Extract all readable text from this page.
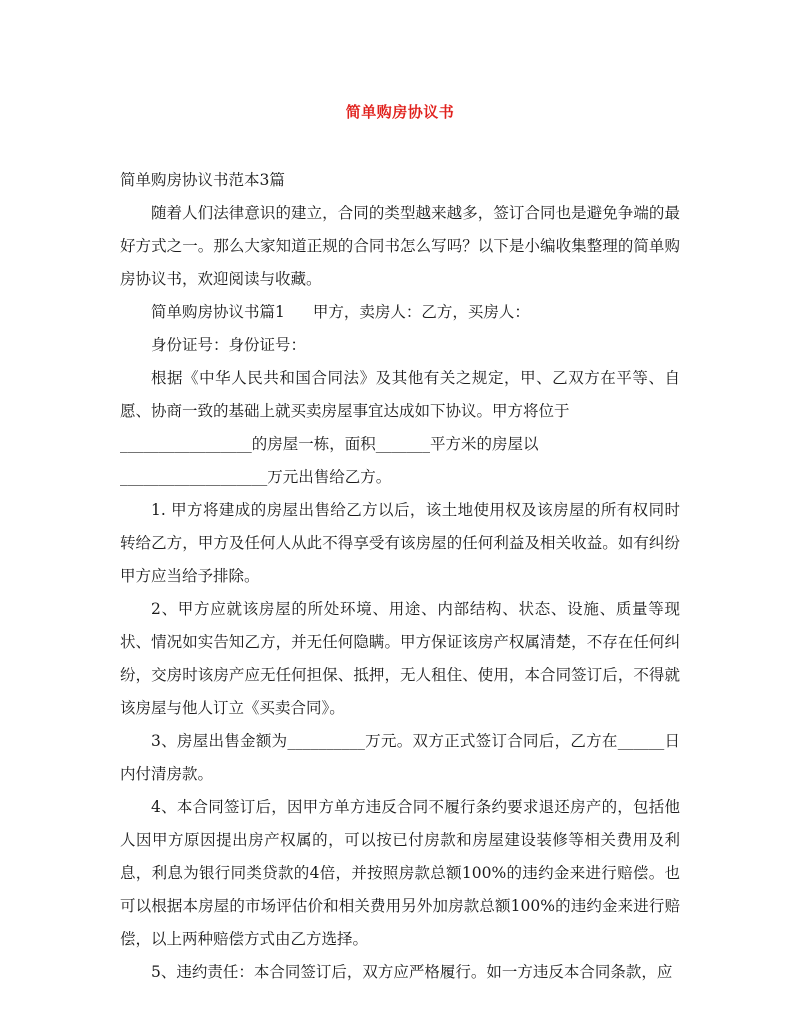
简单购房协议书

简单购房协议书范本3篇

随着人们法律意识的建立，合同的类型越来越多，签订合同也是避免争端的最好方式之一。那么大家知道正规的合同书怎么写吗？以下是小编收集整理的简单购房协议书，欢迎阅读与收藏。

简单购房协议书篇1 甲方，卖房人：乙方，买房人：

身份证号：身份证号：

根据《中华人民共和国合同法》及其他有关之规定，甲、乙双方在平等、自愿、协商一致的基础上就买卖房屋事宜达成如下协议。甲方将位于

_________________的房屋一栋，面积_______平方米的房屋以

___________________万元出售给乙方。

1. 甲方将建成的房屋出售给乙方以后，该土地使用权及该房屋的所有权同时转给乙方，甲方及任何人从此不得享受有该房屋的任何利益及相关收益。如有纠纷甲方应当给予排除。

2、甲方应就该房屋的所处环境、用途、内部结构、状态、设施、质量等现状、情况如实告知乙方，并无任何隐瞒。甲方保证该房产权属清楚，不存在任何纠纷，交房时该房产应无任何担保、抵押，无人租住、使用，本合同签订后，不得就该房屋与他人订立《买卖合同》。

3、房屋出售金额为__________万元。双方正式签订合同后，乙方在______日内付清房款。

4、本合同签订后，因甲方单方违反合同不履行条约要求退还房产的，包括他人因甲方原因提出房产权属的，可以按已付房款和房屋建设装修等相关费用及利息，利息为银行同类贷款的4倍，并按照房款总额100%的违约金来进行赔偿。也可以根据本房屋的市场评估价和相关费用另外加房款总额100%的违约金来进行赔偿，以上两种赔偿方式由乙方选择。

5、违约责任：本合同签订后，双方应严格履行。如一方违反本合同条款，应
